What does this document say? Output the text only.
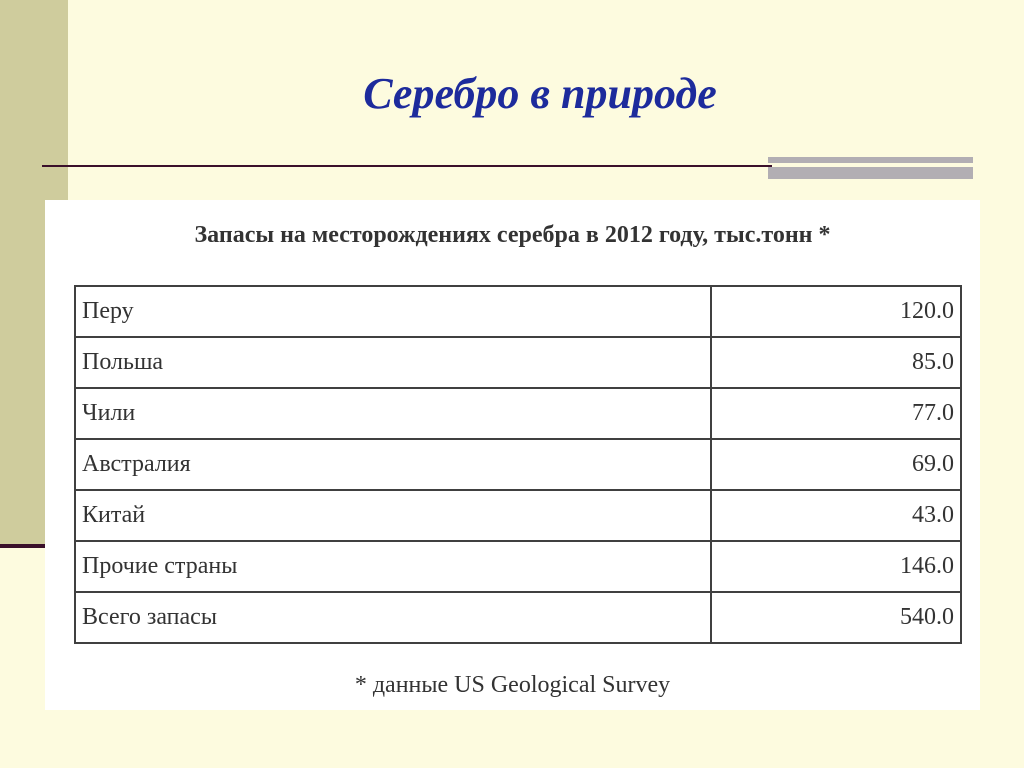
Серебро в природе
Запасы на месторождениях серебра в 2012 году, тыс.тонн *
Перу	120.0
Польша	85.0
Чили	77.0
Австралия	69.0
Китай	43.0
Прочие страны	146.0
Всего запасы	540.0
* данные US Geological Survey
